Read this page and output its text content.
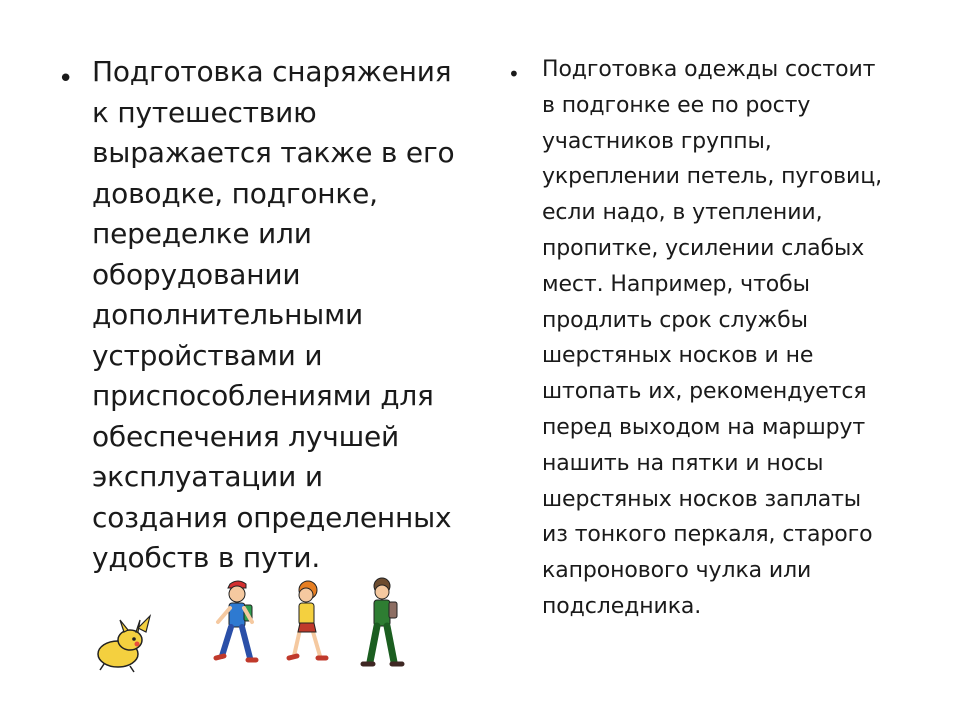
• Подготовка снаряжения
к путешествию
выражается также в его
доводке, подгонке,
переделке или
оборудовании
дополнительными
устройствами и
приспособлениями для
обеспечения лучшей
эксплуатации и
создания определенных
удобств в пути.
• Подготовка одежды состоит
в подгонке ее по росту
участников группы,
укреплении петель, пуговиц,
если надо, в утеплении,
пропитке, усилении слабых
мест. Например, чтобы
продлить срок службы
шерстяных носков и не
штопать их, рекомендуется
перед выходом на маршрут
нашить на пятки и носы
шерстяных носков заплаты
из тонкого перкаля, старого
капронового чулка или
подследника.
